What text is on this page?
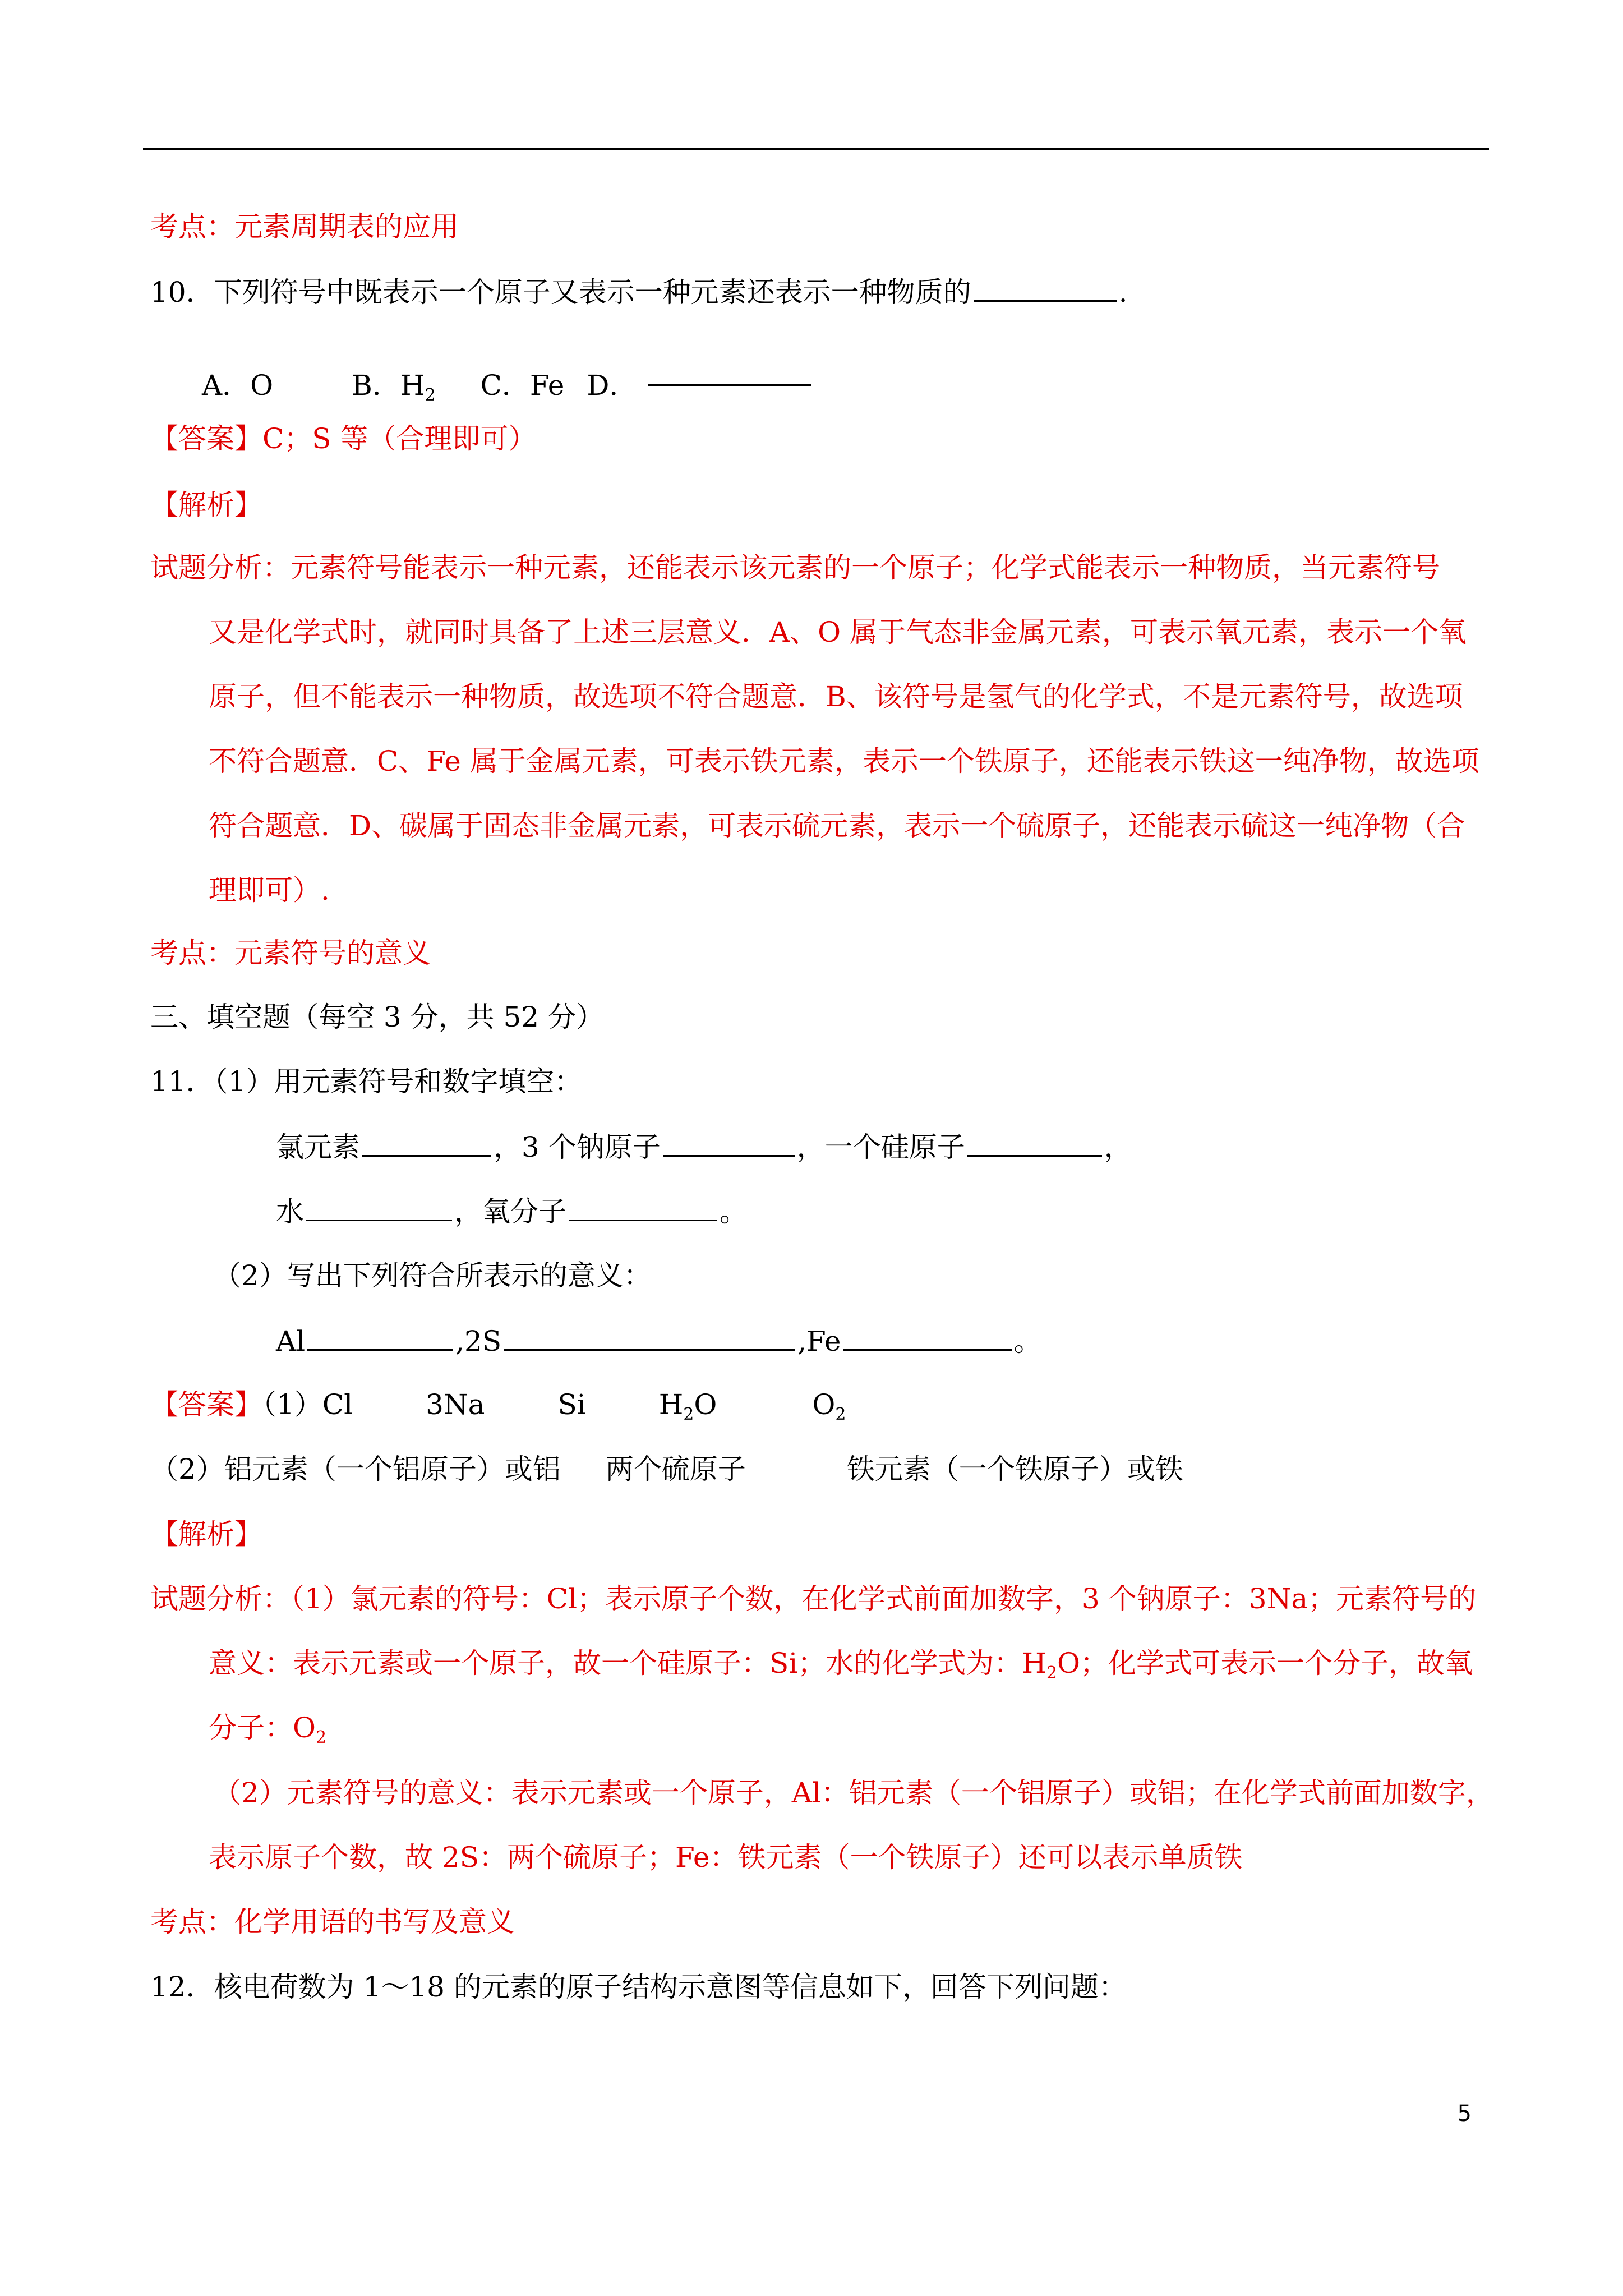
考点：元素周期表的应用
10．下列符号中既表示一个原子又表示一种元素还表示一种物质的	.
A．O	B．$H_2$ C．Fe D．
【答案】C；S 等（合理即可）
【解析】
试题分析：元素符号能表示一种元素，还能表示该元素的一个原子；化学式能表示一种物质，当元素符号
又是化学式时，就同时具备了上述三层意义．A、O 属于气态非金属元素，可表示氧元素，表示一个氧
原子，但不能表示一种物质，故选项不符合题意．B、该符号是氢气的化学式，不是元素符号，故选项
不符合题意．C、Fe 属于金属元素，可表示铁元素，表示一个铁原子，还能表示铁这一纯净物，故选项
符合题意．D、碳属于固态非金属元素，可表示硫元素，表示一个硫原子，还能表示硫这一纯净物（合
理即可）.
考点：元素符号的意义
三、填空题（每空 3 分，共 52 分）
11．（1）用元素符号和数字填空：
氯元素	，3 个钠原子	，一个硅原子	，
水	，氧分子	。
（2）写出下列符合所表示的意义：
Al	,2S	,Fe	。
【答案】（1）Cl	3Na	Si	$H_2O$	$O_2$
（2）铝元素（一个铝原子）或铝 两个硫原子	铁元素（一个铁原子）或铁
【解析】
试题分析：（1）氯元素的符号：Cl；表示原子个数，在化学式前面加数字，3 个钠原子：3Na；元素符号的
意义：表示元素或一个原子，故一个硅原子：Si；水的化学式为：$H_2O$；化学式可表示一个分子，故氧
分子：$O_2$
（2）元素符号的意义：表示元素或一个原子，Al：铝元素（一个铝原子）或铝；在化学式前面加数字，
表示原子个数，故 2S：两个硫原子；Fe：铁元素（一个铁原子）还可以表示单质铁
考点：化学用语的书写及意义
12．核电荷数为 1～18 的元素的原子结构示意图等信息如下，回答下列问题：
5
